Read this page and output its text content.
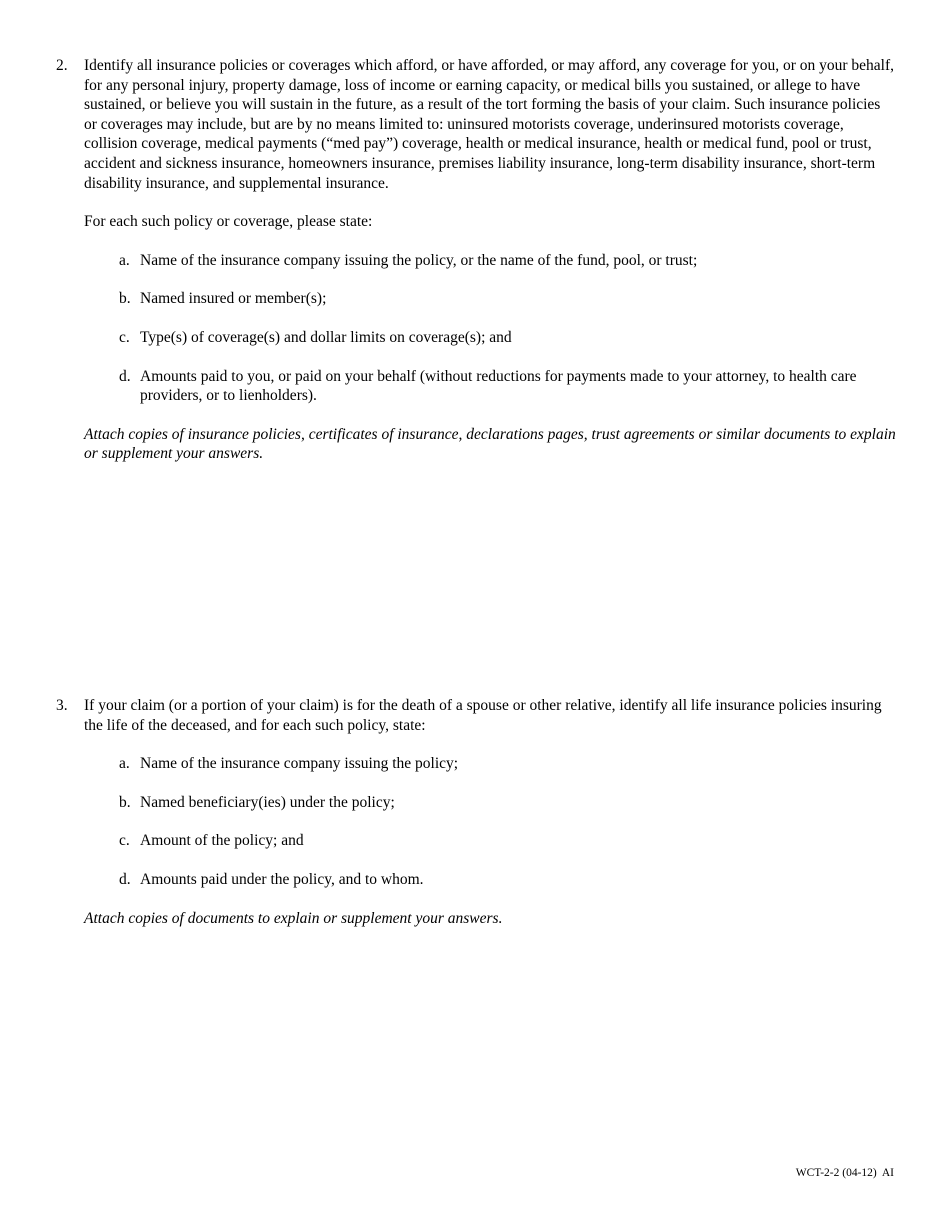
2. Identify all insurance policies or coverages which afford, or have afforded, or may afford, any coverage for you, or on your behalf, for any personal injury, property damage, loss of income or earning capacity, or medical bills you sustained, or allege to have sustained, or believe you will sustain in the future, as a result of the tort forming the basis of your claim. Such insurance policies or coverages may include, but are by no means limited to: uninsured motorists coverage, underinsured motorists coverage, collision coverage, medical payments (“med pay”) coverage, health or medical insurance, health or medical fund, pool or trust, accident and sickness insurance, homeowners insurance, premises liability insurance, long-term disability insurance, short-term disability insurance, and supplemental insurance.

For each such policy or coverage, please state:

a. Name of the insurance company issuing the policy, or the name of the fund, pool, or trust;
b. Named insured or member(s);
c. Type(s) of coverage(s) and dollar limits on coverage(s); and
d. Amounts paid to you, or paid on your behalf (without reductions for payments made to your attorney, to health care providers, or to lienholders).

Attach copies of insurance policies, certificates of insurance, declarations pages, trust agreements or similar documents to explain or supplement your answers.

3. If your claim (or a portion of your claim) is for the death of a spouse or other relative, identify all life insurance policies insuring the life of the deceased, and for each such policy, state:

a. Name of the insurance company issuing the policy;
b. Named beneficiary(ies) under the policy;
c. Amount of the policy; and
d. Amounts paid under the policy, and to whom.

Attach copies of documents to explain or supplement your answers.

WCT-2-2 (04-12)  AI
